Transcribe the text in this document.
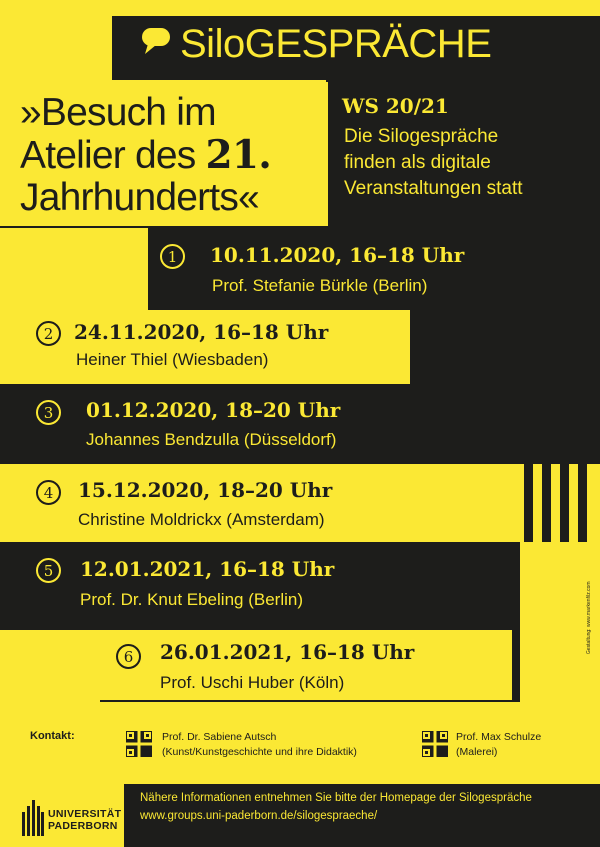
SiloGESPRÄCHE
»Besuch im
Atelier des 21.
Jahrhunderts«
WS 20/21
Die Silogespräche
finden als digitale
Veranstaltungen statt
1	10.11.2020, 16–18 Uhr
Prof. Stefanie Bürkle (Berlin)
2	24.11.2020, 16–18 Uhr
Heiner Thiel (Wiesbaden)
3	01.12.2020, 18–20 Uhr
Johannes Bendzulla (Düsseldorf)
4	15.12.2020, 18–20 Uhr
Christine Moldrickx (Amsterdam)
5	12.01.2021, 16–18 Uhr
Prof. Dr. Knut Ebeling (Berlin)
6	26.01.2021, 16–18 Uhr
Prof. Uschi Huber (Köln)
Gestaltung: www.markenfilz.com
Kontakt:	Prof. Dr. Sabiene Autsch
(Kunst/Kunstgeschichte und ihre Didaktik)
Prof. Max Schulze
(Malerei)
UNIVERSITÄT
PADERBORN
Nähere Informationen entnehmen Sie bitte der Homepage der Silogespräche
www.groups.uni-paderborn.de/silogespraeche/
